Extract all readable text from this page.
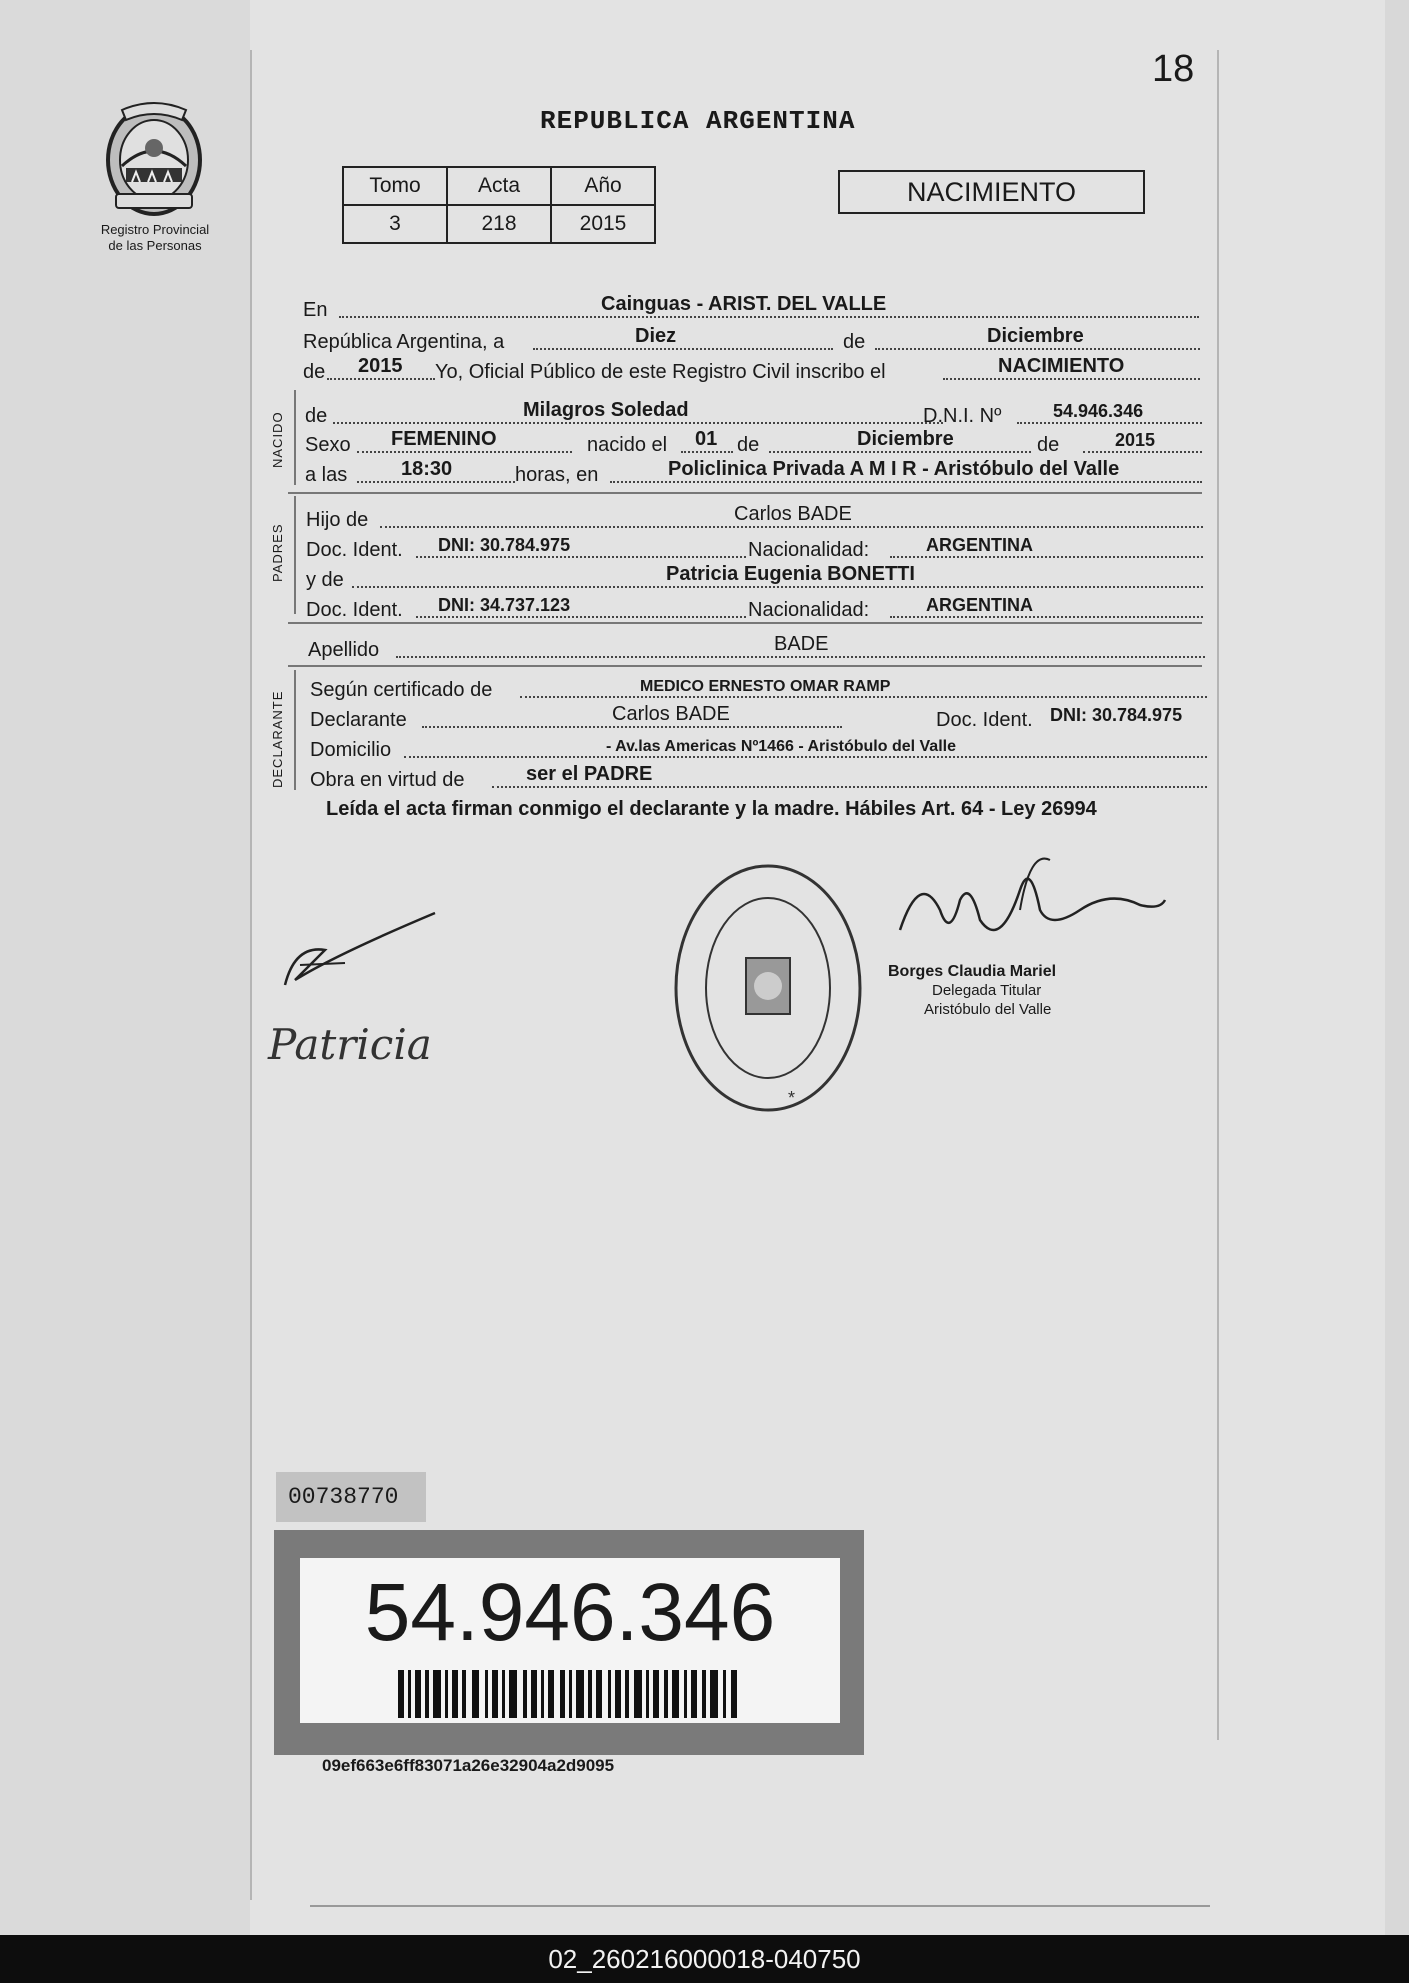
18
Registro Provincial
de las Personas
REPUBLICA ARGENTINA
Tomo	Acta	Año
3	218	2015
NACIMIENTO
En	Cainguas - ARIST. DEL VALLE
República Argentina, a	Diez	de	Diciembre
de 2015 Yo, Oficial Público de este Registro Civil inscribo el	NACIMIENTO
NACIDO de	Milagros Soledad	D.N.I. Nº	54.946.346
Sexo FEMENINO	nacido el 01 de	Diciembre	de	2015
a las	18:30	horas, en	Policlinica Privada A M I R - Aristóbulo del Valle
PADRES
Hijo de	Carlos BADE
Doc. Ident. DNI: 30.784.975	Nacionalidad:	ARGENTINA
y de	Patricia Eugenia BONETTI
Doc. Ident. DNI: 34.737.123	Nacionalidad:	ARGENTINA
Apellido	BADE
DECLARANTE
Según certificado de	MEDICO ERNESTO OMAR RAMP
Declarante	Carlos BADE	Doc. Ident. DNI: 30.784.975
Domicilio	- Av.las Americas Nº1466 - Aristóbulo del Valle
Obra en virtud de	ser el PADRE
Leída el acta firman conmigo el declarante y la madre. Hábiles Art. 64 - Ley 26994
Patricia
*
Borges Claudia Mariel
Delegada Titular
Aristóbulo del Valle
00738770
54.946.346
09ef663e6ff83071a26e32904a2d9095
02_260216000018-040750
